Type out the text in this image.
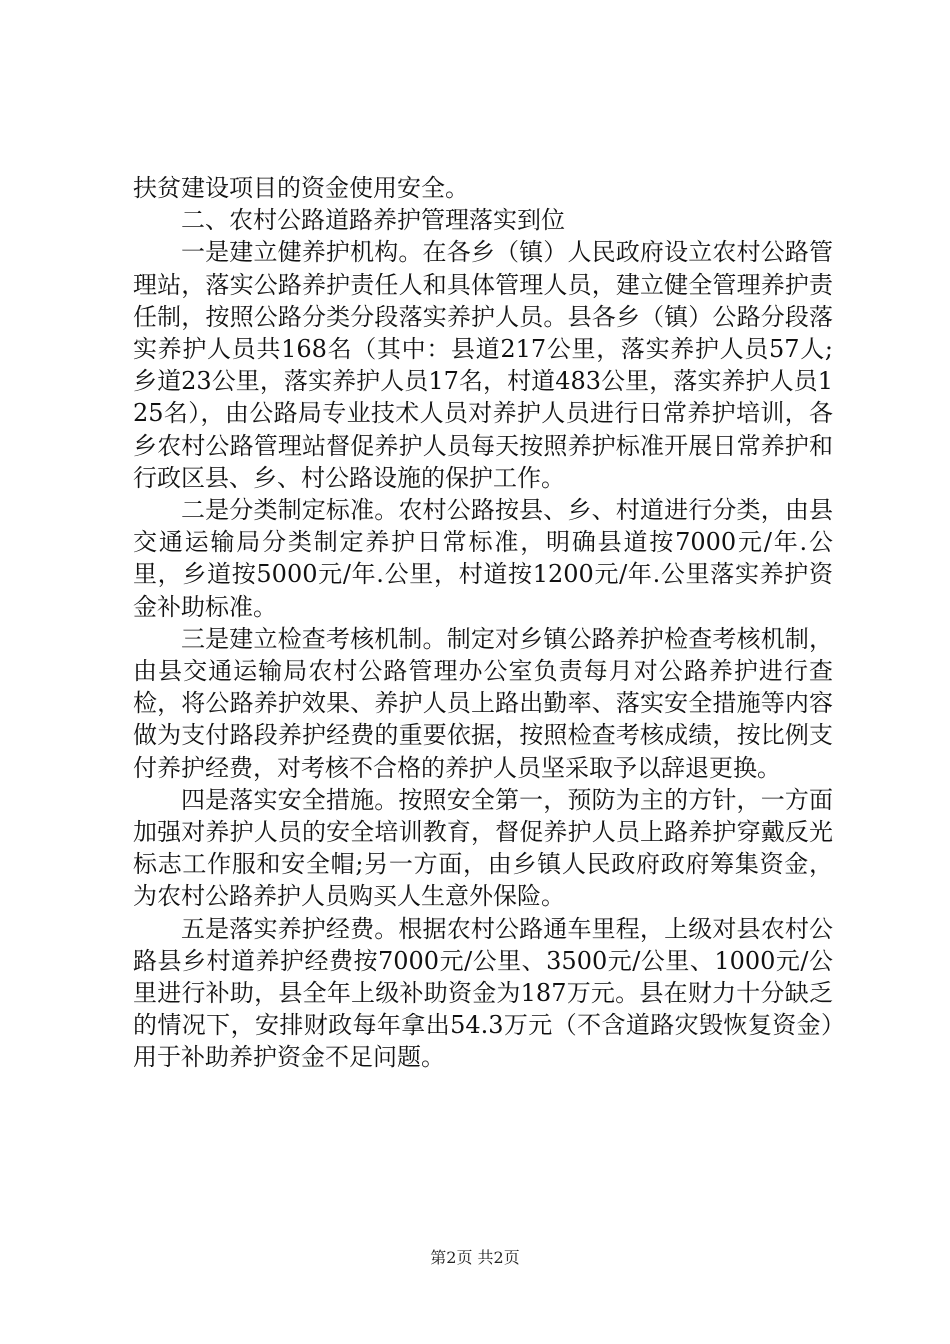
扶贫建设项目的资金使用安全。

二、农村公路道路养护管理落实到位

一是建立健养护机构。在各乡（镇）人民政府设立农村公路管理站，落实公路养护责任人和具体管理人员，建立健全管理养护责任制，按照公路分类分段落实养护人员。县各乡（镇）公路分段落实养护人员共168名（其中：县道217公里，落实养护人员57人;乡道23公里，落实养护人员17名，村道483公里，落实养护人员125名），由公路局专业技术人员对养护人员进行日常养护培训，各乡农村公路管理站督促养护人员每天按照养护标准开展日常养护和行政区县、乡、村公路设施的保护工作。

二是分类制定标准。农村公路按县、乡、村道进行分类，由县交通运输局分类制定养护日常标准，明确县道按7000元/年.公里，乡道按5000元/年.公里，村道按1200元/年.公里落实养护资金补助标准。

三是建立检查考核机制。制定对乡镇公路养护检查考核机制，由县交通运输局农村公路管理办公室负责每月对公路养护进行查检，将公路养护效果、养护人员上路出勤率、落实安全措施等内容做为支付路段养护经费的重要依据，按照检查考核成绩，按比例支付养护经费，对考核不合格的养护人员坚采取予以辞退更换。

四是落实安全措施。按照安全第一，预防为主的方针，一方面加强对养护人员的安全培训教育，督促养护人员上路养护穿戴反光标志工作服和安全帽;另一方面，由乡镇人民政府政府筹集资金，为农村公路养护人员购买人生意外保险。

五是落实养护经费。根据农村公路通车里程，上级对县农村公路县乡村道养护经费按7000元/公里、3500元/公里、1000元/公里进行补助，县全年上级补助资金为187万元。县在财力十分缺乏的情况下，安排财政每年拿出54.3万元（不含道路灾毁恢复资金）用于补助养护资金不足问题。

第2页 共2页
